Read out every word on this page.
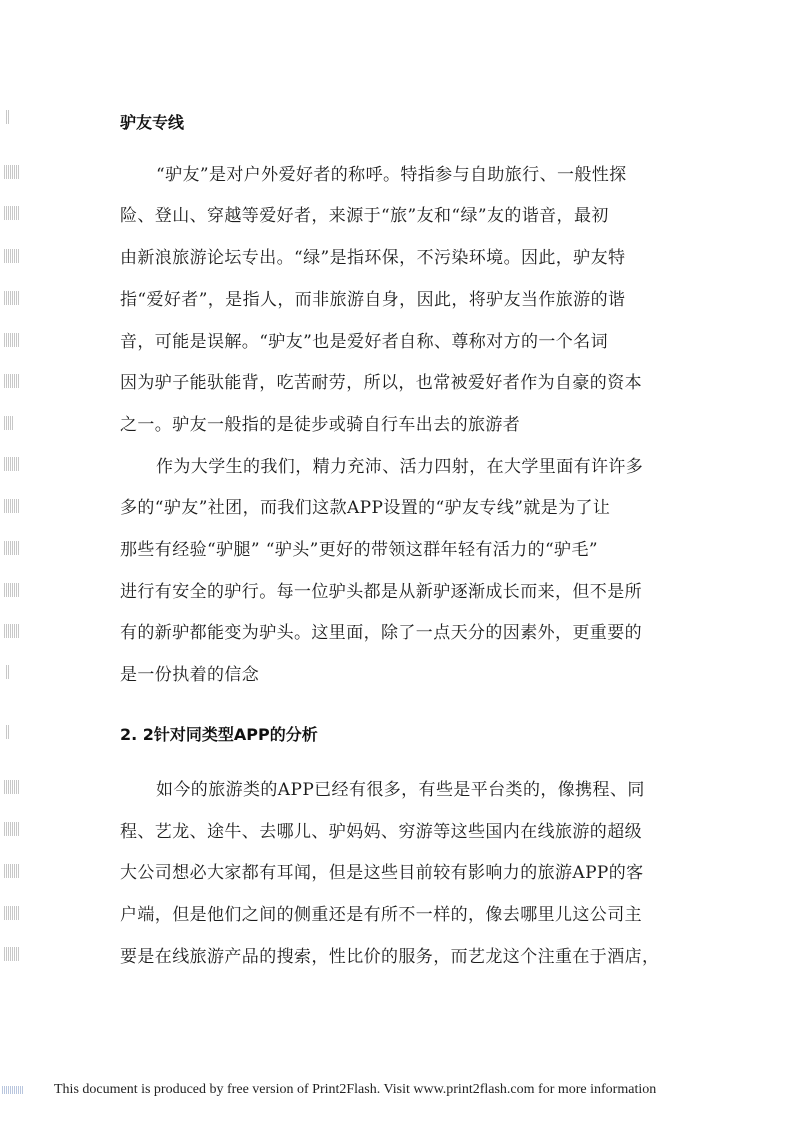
驴友专线
“驴友”是对户外爱好者的称呼。特指参与自助旅行、一般性探
险、登山、穿越等爱好者，来源于“旅”友和“绿”友的谐音，最初
由新浪旅游论坛专出。“绿”是指环保，不污染环境。因此，驴友特
指“爱好者”，是指人，而非旅游自身，因此，将驴友当作旅游的谐
音，可能是误解。“驴友”也是爱好者自称、尊称对方的一个名词
因为驴子能驮能背，吃苦耐劳，所以，也常被爱好者作为自豪的资本
之一。驴友一般指的是徒步或骑自行车出去的旅游者
作为大学生的我们，精力充沛、活力四射，在大学里面有许许多
多的“驴友”社团，而我们这款APP设置的“驴友专线”就是为了让
那些有经验“驴腿” “驴头”更好的带领这群年轻有活力的“驴毛”
进行有安全的驴行。每一位驴头都是从新驴逐渐成长而来，但不是所
有的新驴都能变为驴头。这里面，除了一点天分的因素外，更重要的
是一份执着的信念
2. 2针对同类型APP的分析
如今的旅游类的APP已经有很多，有些是平台类的，像携程、同
程、艺龙、途牛、去哪儿、驴妈妈、穷游等这些国内在线旅游的超级
大公司想必大家都有耳闻，但是这些目前较有影响力的旅游APP的客
户端，但是他们之间的侧重还是有所不一样的，像去哪里儿这公司主
要是在线旅游产品的搜索，性比价的服务，而艺龙这个注重在于酒店，
This document is produced by free version of Print2Flash. Visit www.print2flash.com for more information
